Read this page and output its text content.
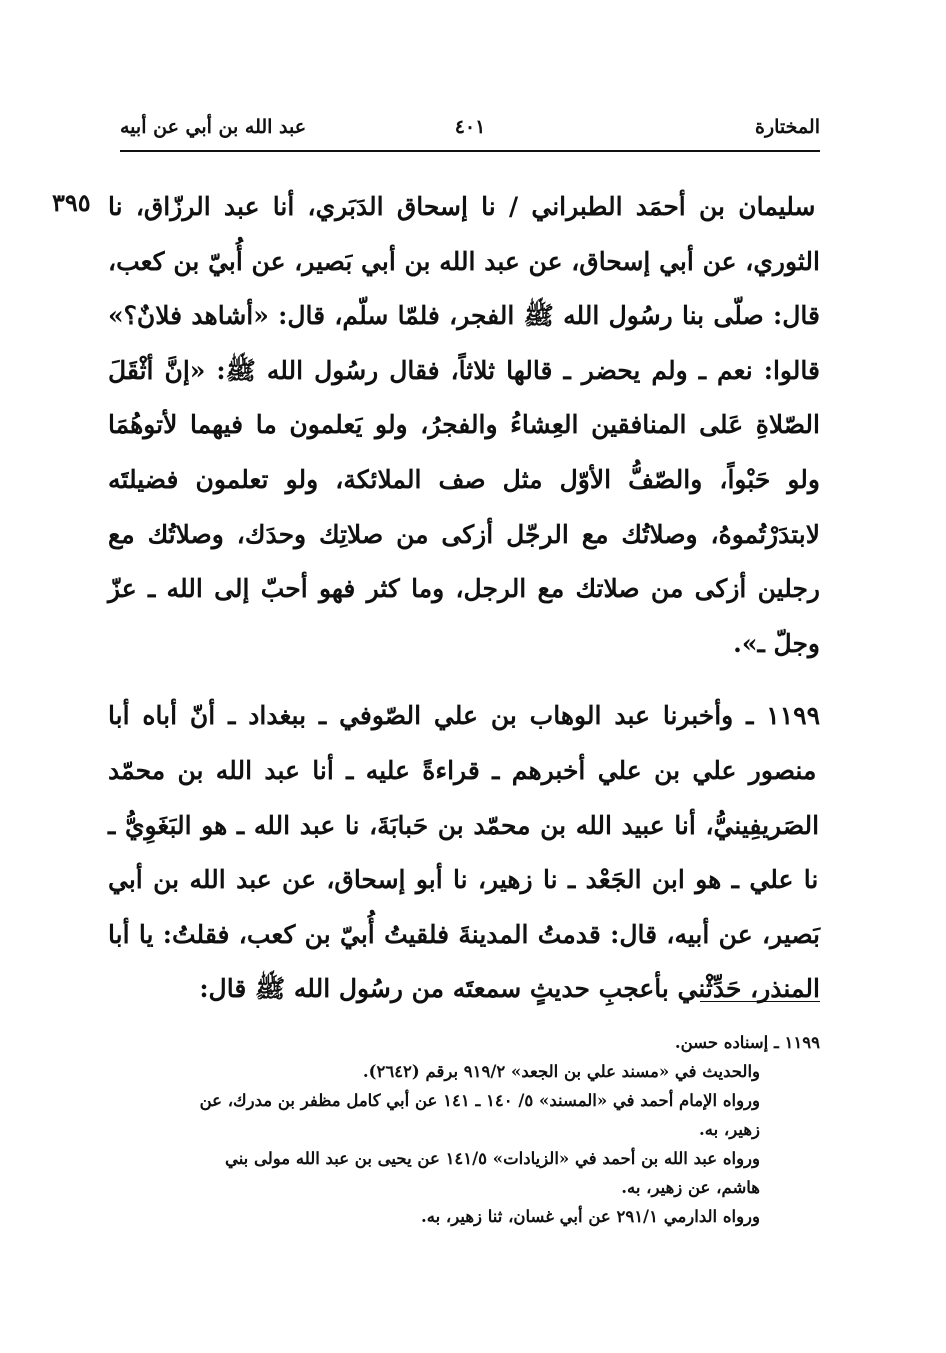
المختارة
٤٠١
عبد الله بن أبي عن أبيه
٣٩٥ سليمان بن أحمَد الطبراني / نا إسحاق الدَبَري، أنا عبد الرزّاق، نا الثوري، عن أبي إسحاق، عن عبد الله بن أبي بَصير، عن أُبيّ بن كعب، قال: صلّى بنا رسُول الله ﷺ الفجر، فلمّا سلّم، قال: «أشاهد فلانٌ؟» قالوا: نعم ـ ولم يحضر ـ قالها ثلاثاً، فقال رسُول الله ﷺ: «إنَّ أثْقَلَ الصّلاةِ عَلى المنافقين العِشاءُ والفجرُ، ولو يَعلمون ما فيهما لأتوهُمَا ولو حَبْواً، والصّفُّ الأوّل مثل صف الملائكة، ولو تعلمون فضيلتَه لابتدَرْتُموهُ، وصلاتُك مع الرجّل أزكى من صلاتِك وحدَك، وصلاتُك مع رجلين أزكى من صلاتك مع الرجل، وما كثر فهو أحبّ إلى الله ـ عزّ وجلّ ـ».

١١٩٩ ـ وأخبرنا عبد الوهاب بن علي الصّوفي ـ ببغداد ـ أنّ أباه أبا منصور علي بن علي أخبرهم ـ قراءةً عليه ـ أنا عبد الله بن محمّد الصَريفِينيُّ، أنا عبيد الله بن محمّد بن حَبابَةَ، نا عبد الله ـ هو البَغَوِيُّ ـ نا علي ـ هو ابن الجَعْد ـ نا زهير، نا أبو إسحاق، عن عبد الله بن أبي بَصير، عن أبيه، قال: قدمتُ المدينةَ فلقيتُ أُبيّ بن كعب، فقلتُ: يا أبا المنذر، حَدِّثْني بأعجبِ حديثٍ سمعتَه من رسُول الله ﷺ قال:

١١٩٩ ـ إسناده حسن.

والحديث في «مسند علي بن الجعد» ٩١٩/٢ برقم (٢٦٤٢).

ورواه الإمام أحمد في «المسند» ٥/ ١٤٠ ـ ١٤١ عن أبي كامل مظفر بن مدرك، عن

زهير، به.

ورواه عبد الله بن أحمد في «الزيادات» ١٤١/٥ عن يحيى بن عبد الله مولى بني

هاشم، عن زهير، به.

ورواه الدارمي ٢٩١/١ عن أبي غسان، ثنا زهير، به.
